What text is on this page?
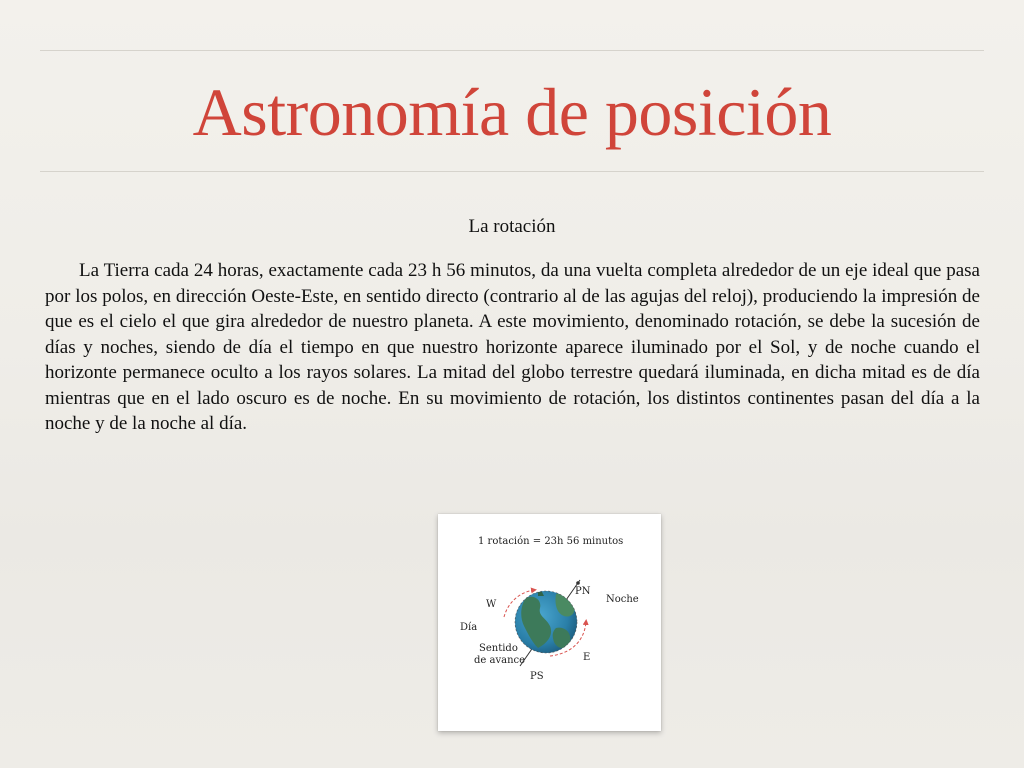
Astronomía de posición
La rotación

La Tierra cada 24 horas, exactamente cada 23 h 56 minutos, da una vuelta completa alrededor de un eje ideal que pasa por los polos, en dirección Oeste-Este, en sentido directo (contrario al de las agujas del reloj), produciendo la impresión de que es el cielo el que gira alrededor de nuestro planeta. A este movimiento, denominado rotación, se debe la sucesión de días y noches, siendo de día el tiempo en que nuestro horizonte aparece iluminado por el Sol, y de noche cuando el horizonte permanece oculto a los rayos solares. La mitad del globo terrestre quedará iluminada, en dicha mitad es de día mientras que en el lado oscuro es de noche. En su movimiento de rotación, los distintos continentes pasan del día a la noche y de la noche al día.

1 rotación = 23h 56 minutos
PN
Noche
W
Día
Sentido
de avance	E
PS
